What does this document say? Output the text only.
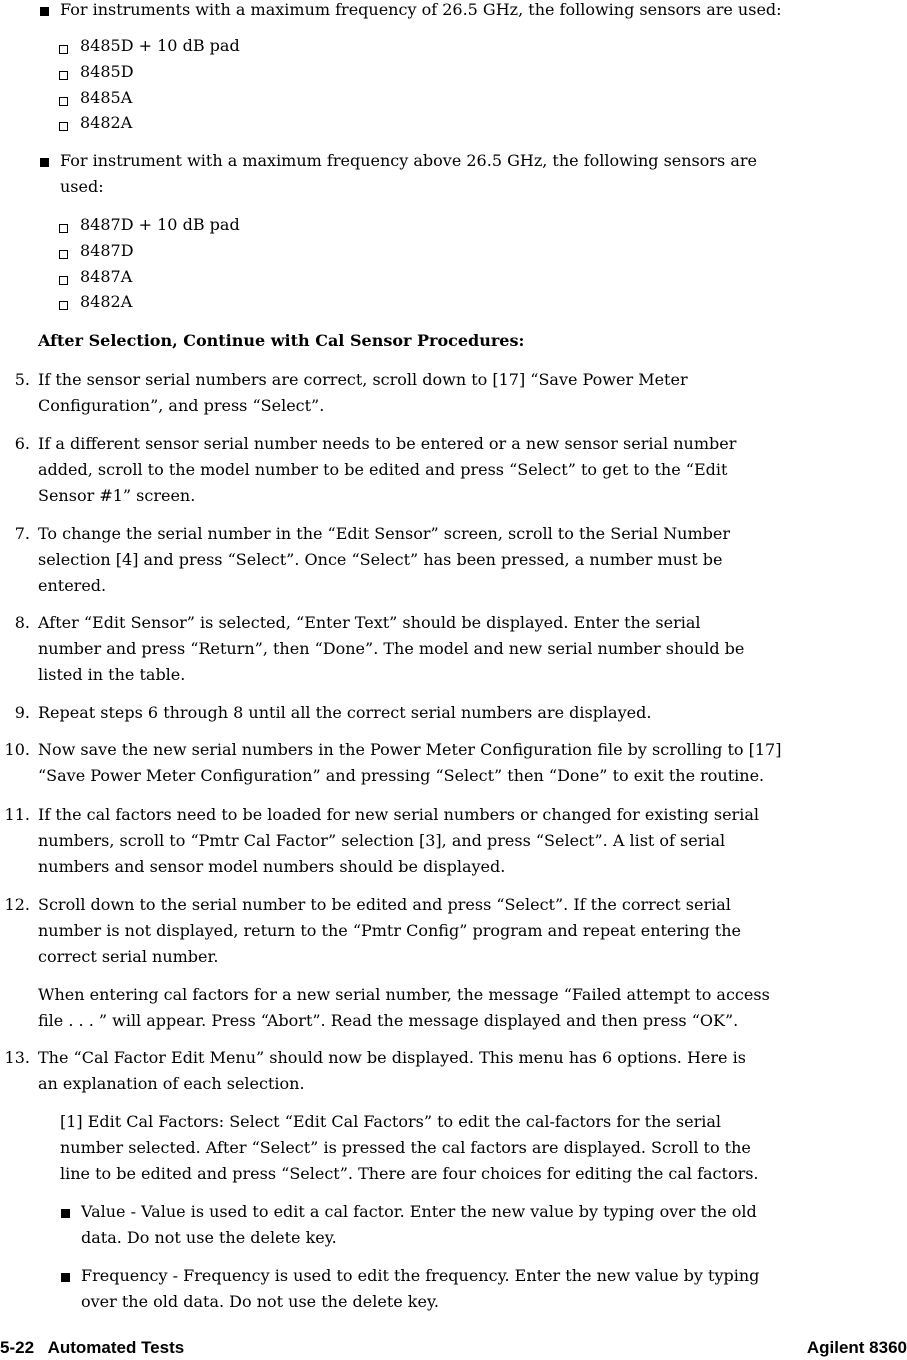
For instruments with a maximum frequency of 26.5 GHz, the following sensors are used:
8485D + 10 dB pad
8485D
8485A
8482A
For instrument with a maximum frequency above 26.5 GHz, the following sensors are
used:
8487D + 10 dB pad
8487D
8487A
8482A
After Selection, Continue with Cal Sensor Procedures:
5. If the sensor serial numbers are correct, scroll down to [17] “Save Power Meter
Configuration”, and press “Select”.
6. If a different sensor serial number needs to be entered or a new sensor serial number
added, scroll to the model number to be edited and press “Select” to get to the “Edit
Sensor #1” screen.
7. To change the serial number in the “Edit Sensor” screen, scroll to the Serial Number
selection [4] and press “Select”. Once “Select” has been pressed, a number must be
entered.
8. After “Edit Sensor” is selected, “Enter Text” should be displayed. Enter the serial
number and press “Return”, then “Done”. The model and new serial number should be
listed in the table.
9. Repeat steps 6 through 8 until all the correct serial numbers are displayed.
10. Now save the new serial numbers in the Power Meter Configuration file by scrolling to [17]
“Save Power Meter Configuration” and pressing “Select” then “Done” to exit the routine.
11. If the cal factors need to be loaded for new serial numbers or changed for existing serial
numbers, scroll to “Pmtr Cal Factor” selection [3], and press “Select”. A list of serial
numbers and sensor model numbers should be displayed.
12. Scroll down to the serial number to be edited and press “Select”. If the correct serial
number is not displayed, return to the “Pmtr Config” program and repeat entering the
correct serial number.
When entering cal factors for a new serial number, the message “Failed attempt to access
file . . . ” will appear. Press “Abort”. Read the message displayed and then press “OK”.
13. The “Cal Factor Edit Menu” should now be displayed. This menu has 6 options. Here is
an explanation of each selection.
[1] Edit Cal Factors: Select “Edit Cal Factors” to edit the cal-factors for the serial
number selected. After “Select” is pressed the cal factors are displayed. Scroll to the
line to be edited and press “Select”. There are four choices for editing the cal factors.
Value - Value is used to edit a cal factor. Enter the new value by typing over the old
data. Do not use the delete key.
Frequency - Frequency is used to edit the frequency. Enter the new value by typing
over the old data. Do not use the delete key.
5-22   Automated Tests	Agilent 8360
